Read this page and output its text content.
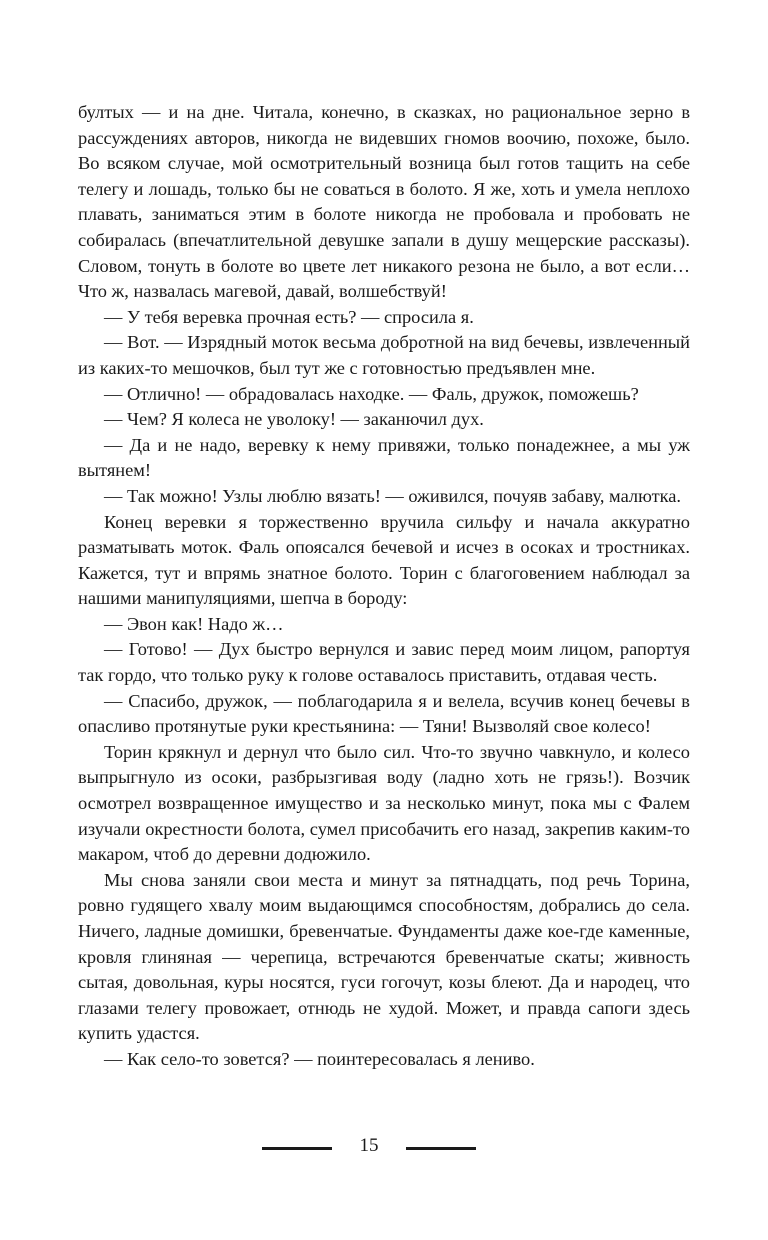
бултых — и на дне. Читала, конечно, в сказках, но рациональное зерно в рассуждениях авторов, никогда не видевших гномов воочию, похоже, было. Во всяком случае, мой осмотрительный возница был готов тащить на себе телегу и лошадь, только бы не соваться в болото. Я же, хоть и умела неплохо плавать, заниматься этим в болоте никогда не пробовала и пробовать не собиралась (впечатлительной девушке запали в душу мещерские рассказы). Словом, тонуть в болоте во цвете лет никакого резона не было, а вот если… Что ж, назвалась магевой, давай, волшебствуй!

— У тебя веревка прочная есть? — спросила я.

— Вот. — Изрядный моток весьма добротной на вид бечевы, извлеченный из каких-то мешочков, был тут же с готовностью предъявлен мне.

— Отлично! — обрадовалась находке. — Фаль, дружок, поможешь?

— Чем? Я колеса не уволоку! — заканючил дух.

— Да и не надо, веревку к нему привяжи, только понадежнее, а мы уж вытянем!

— Так можно! Узлы люблю вязать! — оживился, почуяв забаву, малютка.

Конец веревки я торжественно вручила сильфу и начала аккуратно разматывать моток. Фаль опоясался бечевой и исчез в осоках и тростниках. Кажется, тут и впрямь знатное болото. Торин с благоговением наблюдал за нашими манипуляциями, шепча в бороду:

— Эвон как! Надо ж…

— Готово! — Дух быстро вернулся и завис перед моим лицом, рапортуя так гордо, что только руку к голове оставалось приставить, отдавая честь.

— Спасибо, дружок, — поблагодарила я и велела, всучив конец бечевы в опасливо протянутые руки крестьянина: — Тяни! Вызволяй свое колесо!

Торин крякнул и дернул что было сил. Что-то звучно чавкнуло, и колесо выпрыгнуло из осоки, разбрызгивая воду (ладно хоть не грязь!). Возчик осмотрел возвращенное имущество и за несколько минут, пока мы с Фалем изучали окрестности болота, сумел присобачить его назад, закрепив каким-то макаром, чтоб до деревни додюжило.

Мы снова заняли свои места и минут за пятнадцать, под речь Торина, ровно гудящего хвалу моим выдающимся способностям, добрались до села. Ничего, ладные домишки, бревенчатые. Фундаменты даже кое-где каменные, кровля глиняная — черепица, встречаются бревенчатые скаты; живность сытая, довольная, куры носятся, гуси гогочут, козы блеют. Да и народец, что глазами телегу провожает, отнюдь не худой. Может, и правда сапоги здесь купить удастся.

— Как село-то зовется? — поинтересовалась я лениво.

15
